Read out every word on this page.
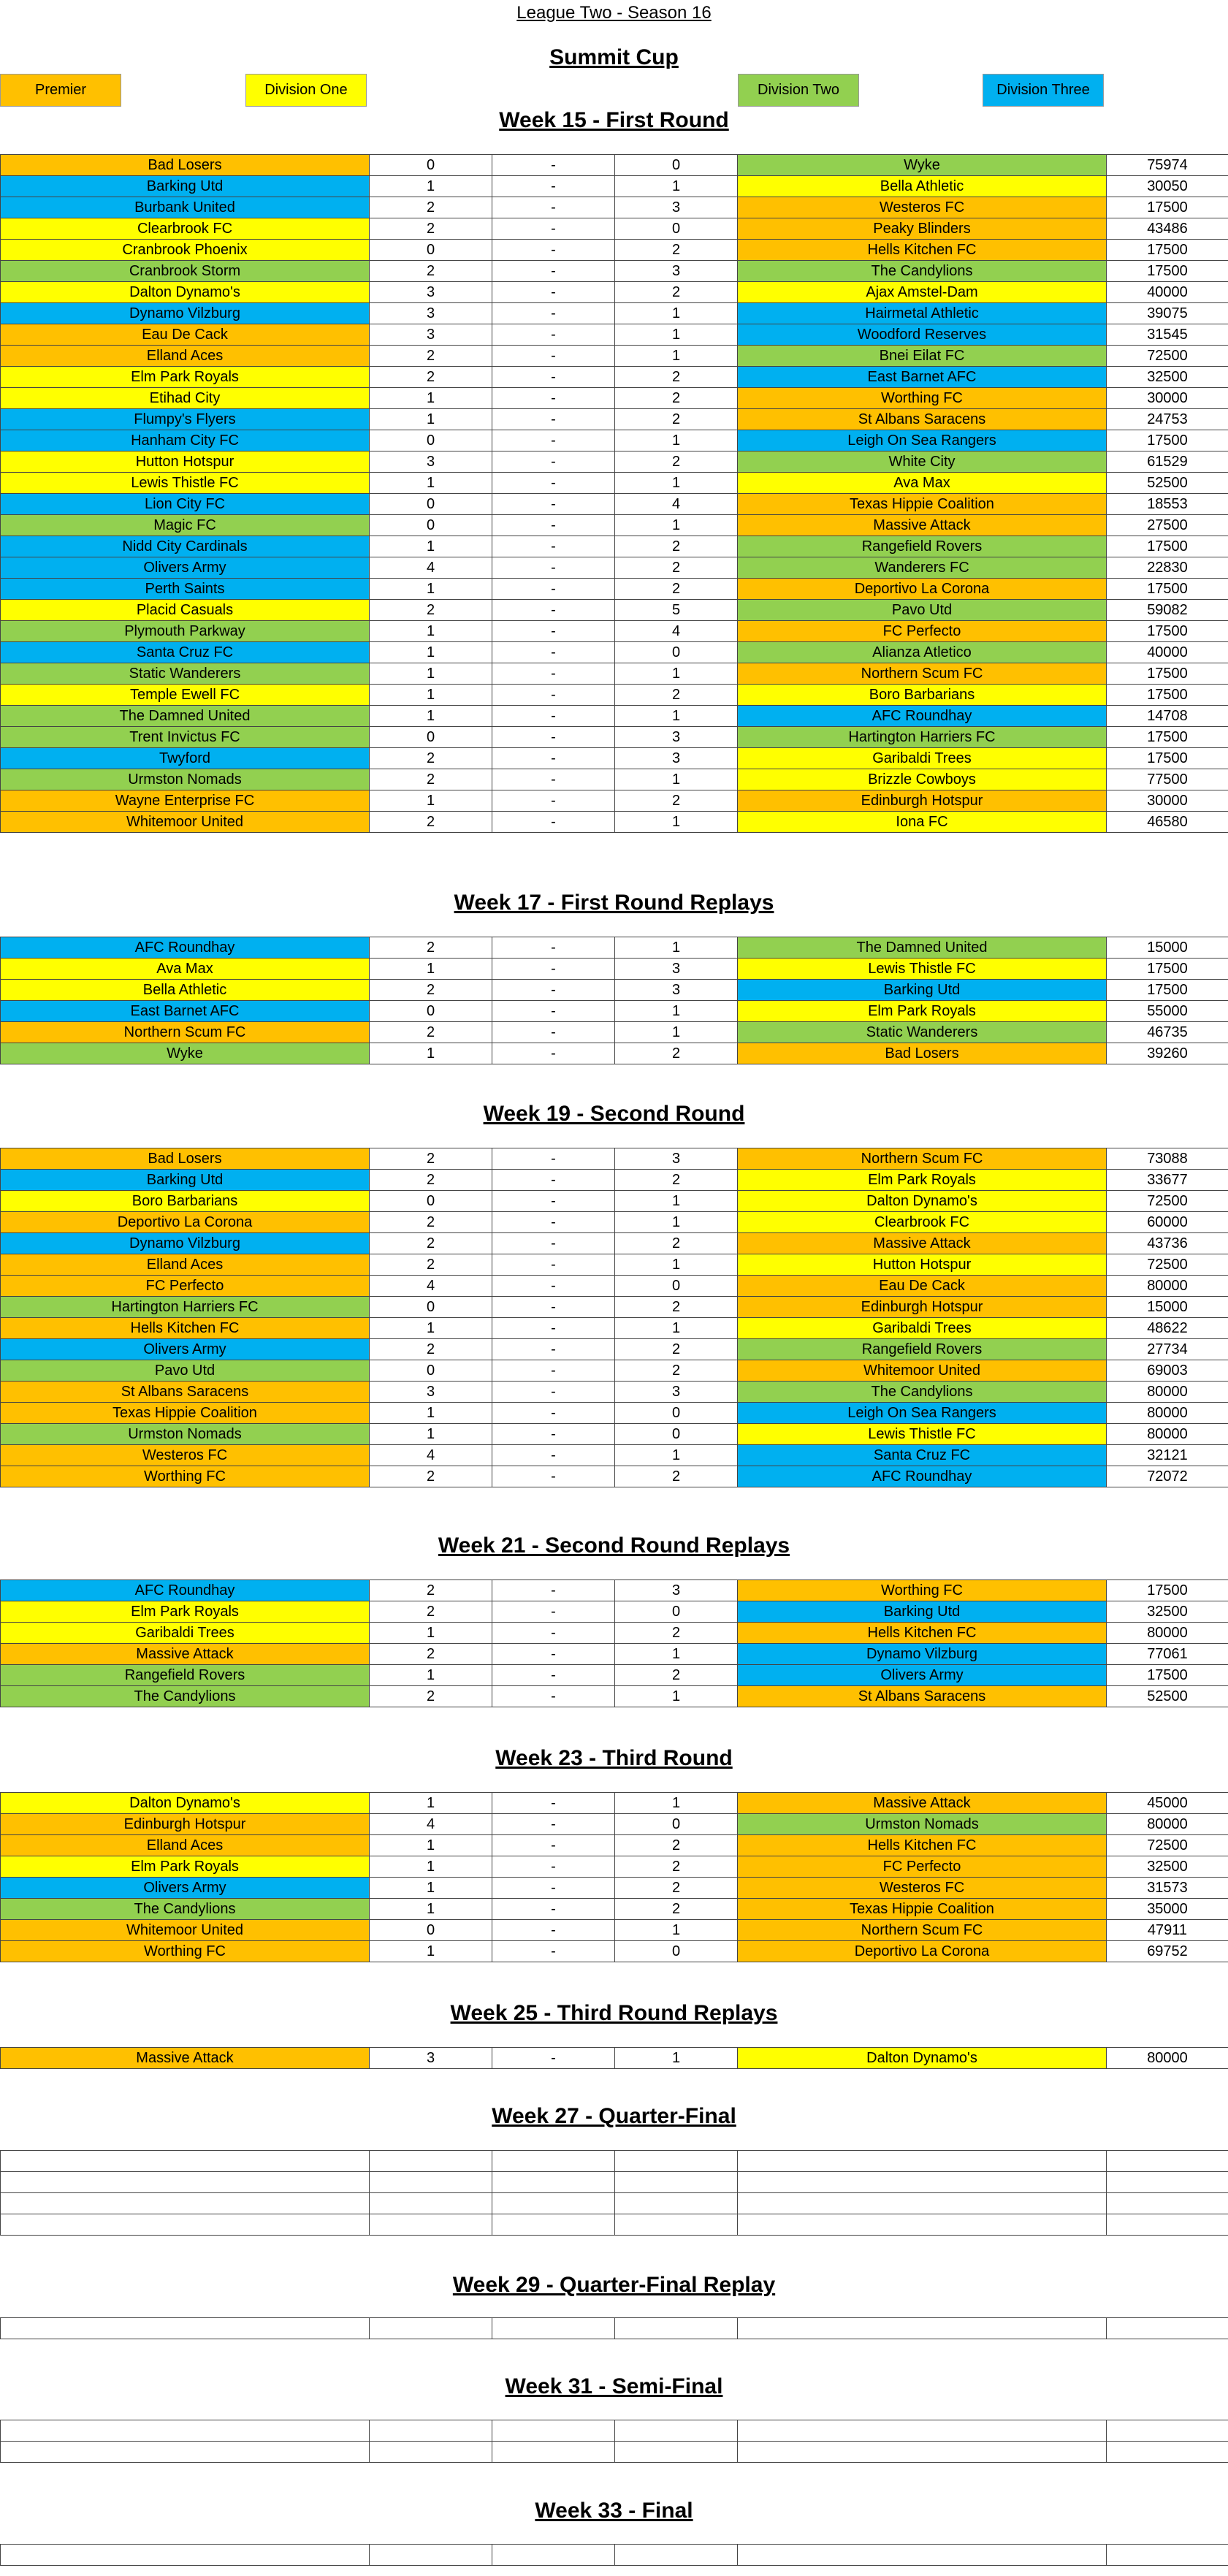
League Two - Season 16
Summit Cup
Premier	Division One	Division Two	Division Three
Week 15 - First Round
Bad Losers	0	-	0	Wyke	75974
Barking Utd	1	-	1	Bella Athletic	30050
Burbank United	2	-	3	Westeros FC	17500
Clearbrook FC	2	-	0	Peaky Blinders	43486
Cranbrook Phoenix	0	-	2	Hells Kitchen FC	17500
Cranbrook Storm	2	-	3	The Candylions	17500
Dalton Dynamo's	3	-	2	Ajax Amstel-Dam	40000
Dynamo Vilzburg	3	-	1	Hairmetal Athletic	39075
Eau De Cack	3	-	1	Woodford Reserves	31545
Elland Aces	2	-	1	Bnei Eilat FC	72500
Elm Park Royals	2	-	2	East Barnet AFC	32500
Etihad City	1	-	2	Worthing FC	30000
Flumpy's Flyers	1	-	2	St Albans Saracens	24753
Hanham City FC	0	-	1	Leigh On Sea Rangers	17500
Hutton Hotspur	3	-	2	White City	61529
Lewis Thistle FC	1	-	1	Ava Max	52500
Lion City FC	0	-	4	Texas Hippie Coalition	18553
Magic FC	0	-	1	Massive Attack	27500
Nidd City Cardinals	1	-	2	Rangefield Rovers	17500
Olivers Army	4	-	2	Wanderers FC	22830
Perth Saints	1	-	2	Deportivo La Corona	17500
Placid Casuals	2	-	5	Pavo Utd	59082
Plymouth Parkway	1	-	4	FC Perfecto	17500
Santa Cruz FC	1	-	0	Alianza Atletico	40000
Static Wanderers	1	-	1	Northern Scum FC	17500
Temple Ewell FC	1	-	2	Boro Barbarians	17500
The Damned United	1	-	1	AFC Roundhay	14708
Trent Invictus FC	0	-	3	Hartington Harriers FC	17500
Twyford	2	-	3	Garibaldi Trees	17500
Urmston Nomads	2	-	1	Brizzle Cowboys	77500
Wayne Enterprise FC	1	-	2	Edinburgh Hotspur	30000
Whitemoor United	2	-	1	Iona FC	46580
Week 17 - First Round Replays
AFC Roundhay	2	-	1	The Damned United	15000
Ava Max	1	-	3	Lewis Thistle FC	17500
Bella Athletic	2	-	3	Barking Utd	17500
East Barnet AFC	0	-	1	Elm Park Royals	55000
Northern Scum FC	2	-	1	Static Wanderers	46735
Wyke	1	-	2	Bad Losers	39260
Week 19 - Second Round
Bad Losers	2	-	3	Northern Scum FC	73088
Barking Utd	2	-	2	Elm Park Royals	33677
Boro Barbarians	0	-	1	Dalton Dynamo's	72500
Deportivo La Corona	2	-	1	Clearbrook FC	60000
Dynamo Vilzburg	2	-	2	Massive Attack	43736
Elland Aces	2	-	1	Hutton Hotspur	72500
FC Perfecto	4	-	0	Eau De Cack	80000
Hartington Harriers FC	0	-	2	Edinburgh Hotspur	15000
Hells Kitchen FC	1	-	1	Garibaldi Trees	48622
Olivers Army	2	-	2	Rangefield Rovers	27734
Pavo Utd	0	-	2	Whitemoor United	69003
St Albans Saracens	3	-	3	The Candylions	80000
Texas Hippie Coalition	1	-	0	Leigh On Sea Rangers	80000
Urmston Nomads	1	-	0	Lewis Thistle FC	80000
Westeros FC	4	-	1	Santa Cruz FC	32121
Worthing FC	2	-	2	AFC Roundhay	72072
Week 21 - Second Round Replays
AFC Roundhay	2	-	3	Worthing FC	17500
Elm Park Royals	2	-	0	Barking Utd	32500
Garibaldi Trees	1	-	2	Hells Kitchen FC	80000
Massive Attack	2	-	1	Dynamo Vilzburg	77061
Rangefield Rovers	1	-	2	Olivers Army	17500
The Candylions	2	-	1	St Albans Saracens	52500
Week 23 - Third Round
Dalton Dynamo's	1	-	1	Massive Attack	45000
Edinburgh Hotspur	4	-	0	Urmston Nomads	80000
Elland Aces	1	-	2	Hells Kitchen FC	72500
Elm Park Royals	1	-	2	FC Perfecto	32500
Olivers Army	1	-	2	Westeros FC	31573
The Candylions	1	-	2	Texas Hippie Coalition	35000
Whitemoor United	0	-	1	Northern Scum FC	47911
Worthing FC	1	-	0	Deportivo La Corona	69752
Week 25 - Third Round Replays
Massive Attack	3	-	1	Dalton Dynamo's	80000
Week 27 - Quarter-Final

Week 29 - Quarter-Final Replay

Week 31 - Semi-Final

Week 33 - Final
